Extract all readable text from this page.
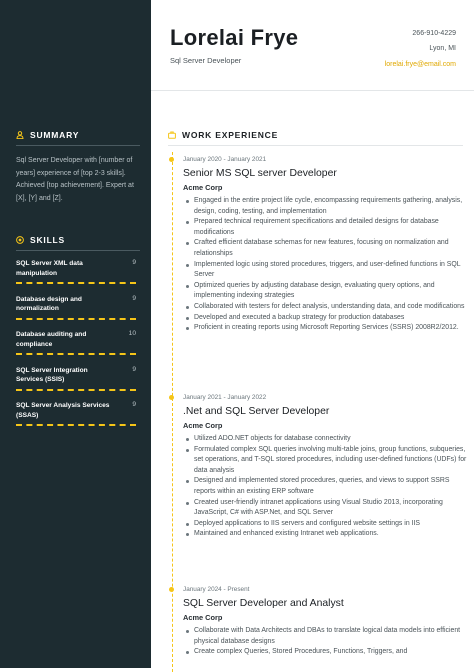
SUMMARY
Sql Server Developer with [number of years] experience of [top 2-3 skills]. Achieved [top achievement]. Expert at [X], [Y] and [Z].
SKILLS
SQL Server XML data manipulation
9
Database design and normalization
9
Database auditing and compliance
10
SQL Server Integration Services (SSIS)
9
SQL Server Analysis Services (SSAS)
9
Lorelai Frye
Sql Server Developer
266-910-4229
Lyon, MI
lorelai.frye@email.com
WORK EXPERIENCE
January 2020 - January 2021
Senior MS SQL server Developer
Acme Corp
Engaged in the entire project life cycle, encompassing requirements gathering, analysis, design, coding, testing, and implementation
Prepared technical requirement specifications and detailed designs for database modifications
Crafted efficient database schemas for new features, focusing on normalization and relationships
Implemented logic using stored procedures, triggers, and user-defined functions in SQL Server
Optimized queries by adjusting database design, evaluating query options, and implementing indexing strategies
Collaborated with testers for defect analysis, understanding data, and code modifications
Developed and executed a backup strategy for production databases
Proficient in creating reports using Microsoft Reporting Services (SSRS) 2008R2/2012.
January 2021 - January 2022
.Net and SQL Server Developer
Acme Corp
Utilized ADO.NET objects for database connectivity
Formulated complex SQL queries involving multi-table joins, group functions, subqueries, set operations, and T-SQL stored procedures, including user-defined functions (UDFs) for data analysis
Designed and implemented stored procedures, queries, and views to support SSRS reports within an existing ERP software
Created user-friendly intranet applications using Visual Studio 2013, incorporating JavaScript, C# with ASP.Net, and SQL Server
Deployed applications to IIS servers and configured website settings in IIS
Maintained and enhanced existing Intranet web applications.
January 2024 - Present
SQL Server Developer and Analyst
Acme Corp
Collaborate with Data Architects and DBAs to translate logical data models into efficient physical database designs
Create complex Queries, Stored Procedures, Functions, Triggers, and
